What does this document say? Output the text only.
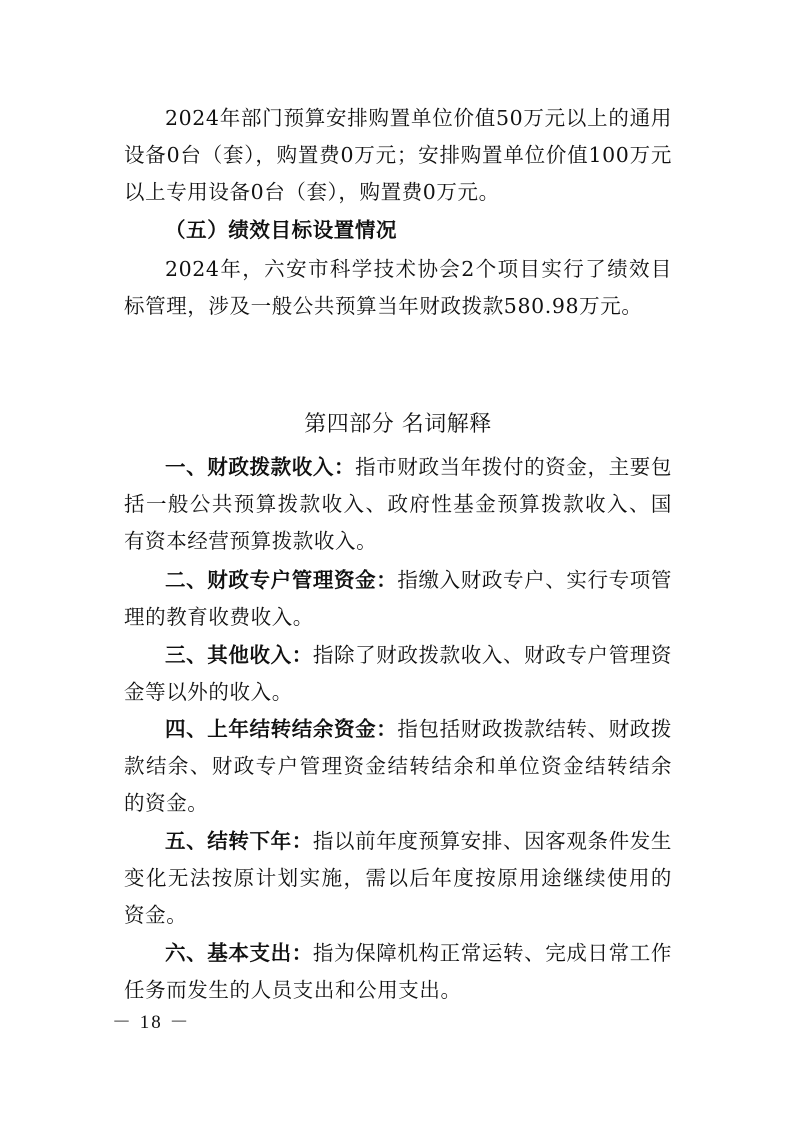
2024年部门预算安排购置单位价值50万元以上的通用设备0台（套），购置费0万元；安排购置单位价值100万元以上专用设备0台（套），购置费0万元。

（五）绩效目标设置情况

2024年，六安市科学技术协会2个项目实行了绩效目标管理，涉及一般公共预算当年财政拨款580.98万元。

第四部分 名词解释

一、财政拨款收入：指市财政当年拨付的资金，主要包括一般公共预算拨款收入、政府性基金预算拨款收入、国有资本经营预算拨款收入。

二、财政专户管理资金：指缴入财政专户、实行专项管理的教育收费收入。

三、其他收入：指除了财政拨款收入、财政专户管理资金等以外的收入。

四、上年结转结余资金：指包括财政拨款结转、财政拨款结余、财政专户管理资金结转结余和单位资金结转结余的资金。

五、结转下年：指以前年度预算安排、因客观条件发生变化无法按原计划实施，需以后年度按原用途继续使用的资金。

六、基本支出：指为保障机构正常运转、完成日常工作任务而发生的人员支出和公用支出。

－ 18 －
